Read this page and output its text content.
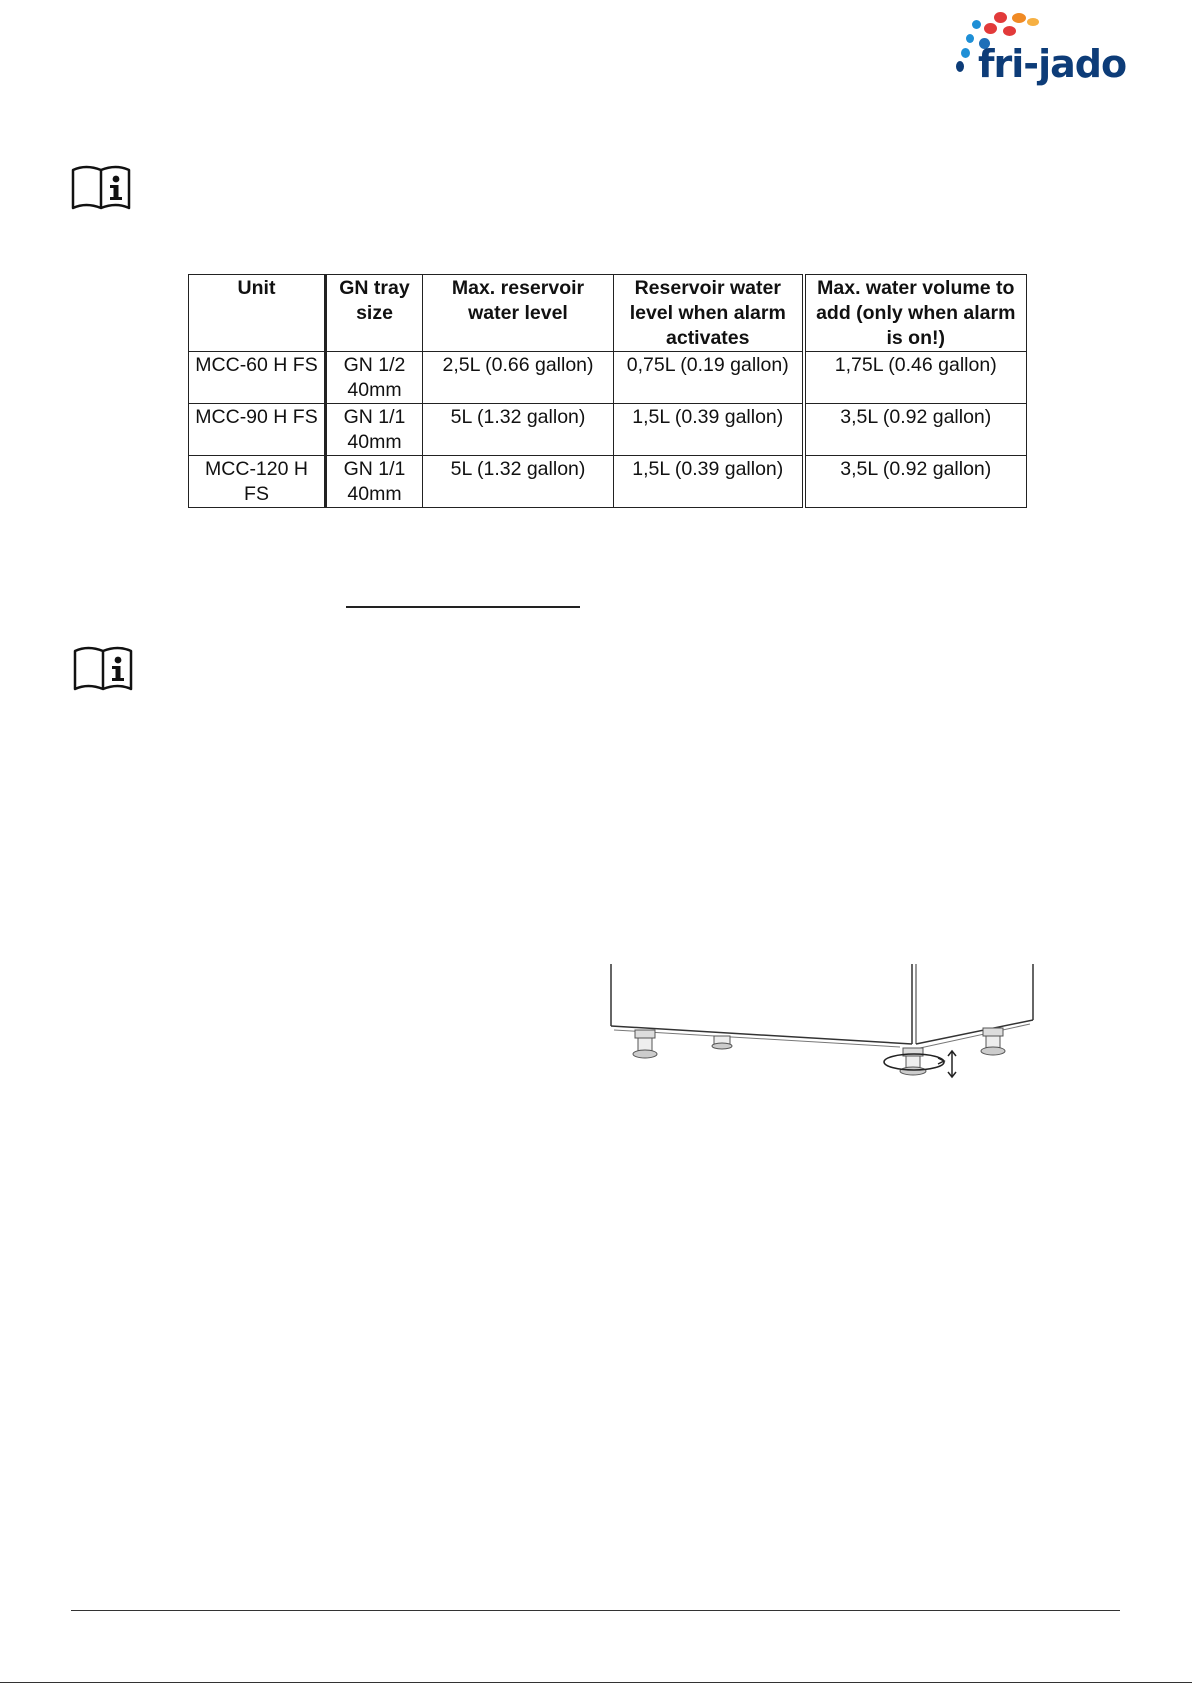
fri-jado
Unit	GN tray size	Max. reservoir water level	Reservoir water level when alarm activates	Max. water volume to add (only when alarm is on!)
MCC-60 H FS	GN 1/2 40mm	2,5L (0.66 gallon)	0,75L (0.19 gallon)	1,75L (0.46 gallon)
MCC-90 H FS	GN 1/1 40mm	5L (1.32 gallon)	1,5L (0.39 gallon)	3,5L (0.92 gallon)
MCC-120 H FS	GN 1/1 40mm	5L (1.32 gallon)	1,5L (0.39 gallon)	3,5L (0.92 gallon)
